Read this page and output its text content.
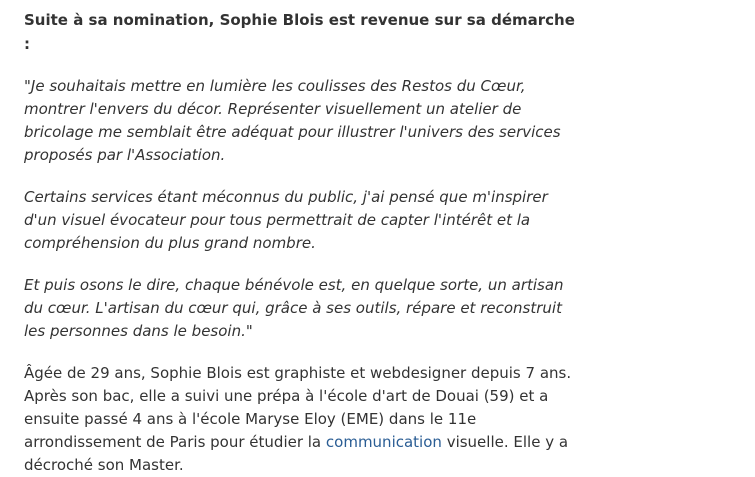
Suite à sa nomination, Sophie Blois est revenue sur sa démarche :

"Je souhaitais mettre en lumière les coulisses des Restos du Cœur,
montrer l'envers du décor. Représenter visuellement un atelier de
bricolage me semblait être adéquat pour illustrer l'univers des services
proposés par l'Association.

Certains services étant méconnus du public, j'ai pensé que m'inspirer
d'un visuel évocateur pour tous permettrait de capter l'intérêt et la
compréhension du plus grand nombre.

Et puis osons le dire, chaque bénévole est, en quelque sorte, un artisan
du cœur. L'artisan du cœur qui, grâce à ses outils, répare et reconstruit
les personnes dans le besoin."

Âgée de 29 ans, Sophie Blois est graphiste et webdesigner depuis 7 ans.
Après son bac, elle a suivi une prépa à l'école d'art de Douai (59) et a
ensuite passé 4 ans à l'école Maryse Eloy (EME) dans le 11e
arrondissement de Paris pour étudier la communication visuelle. Elle y a
décroché son Master.
